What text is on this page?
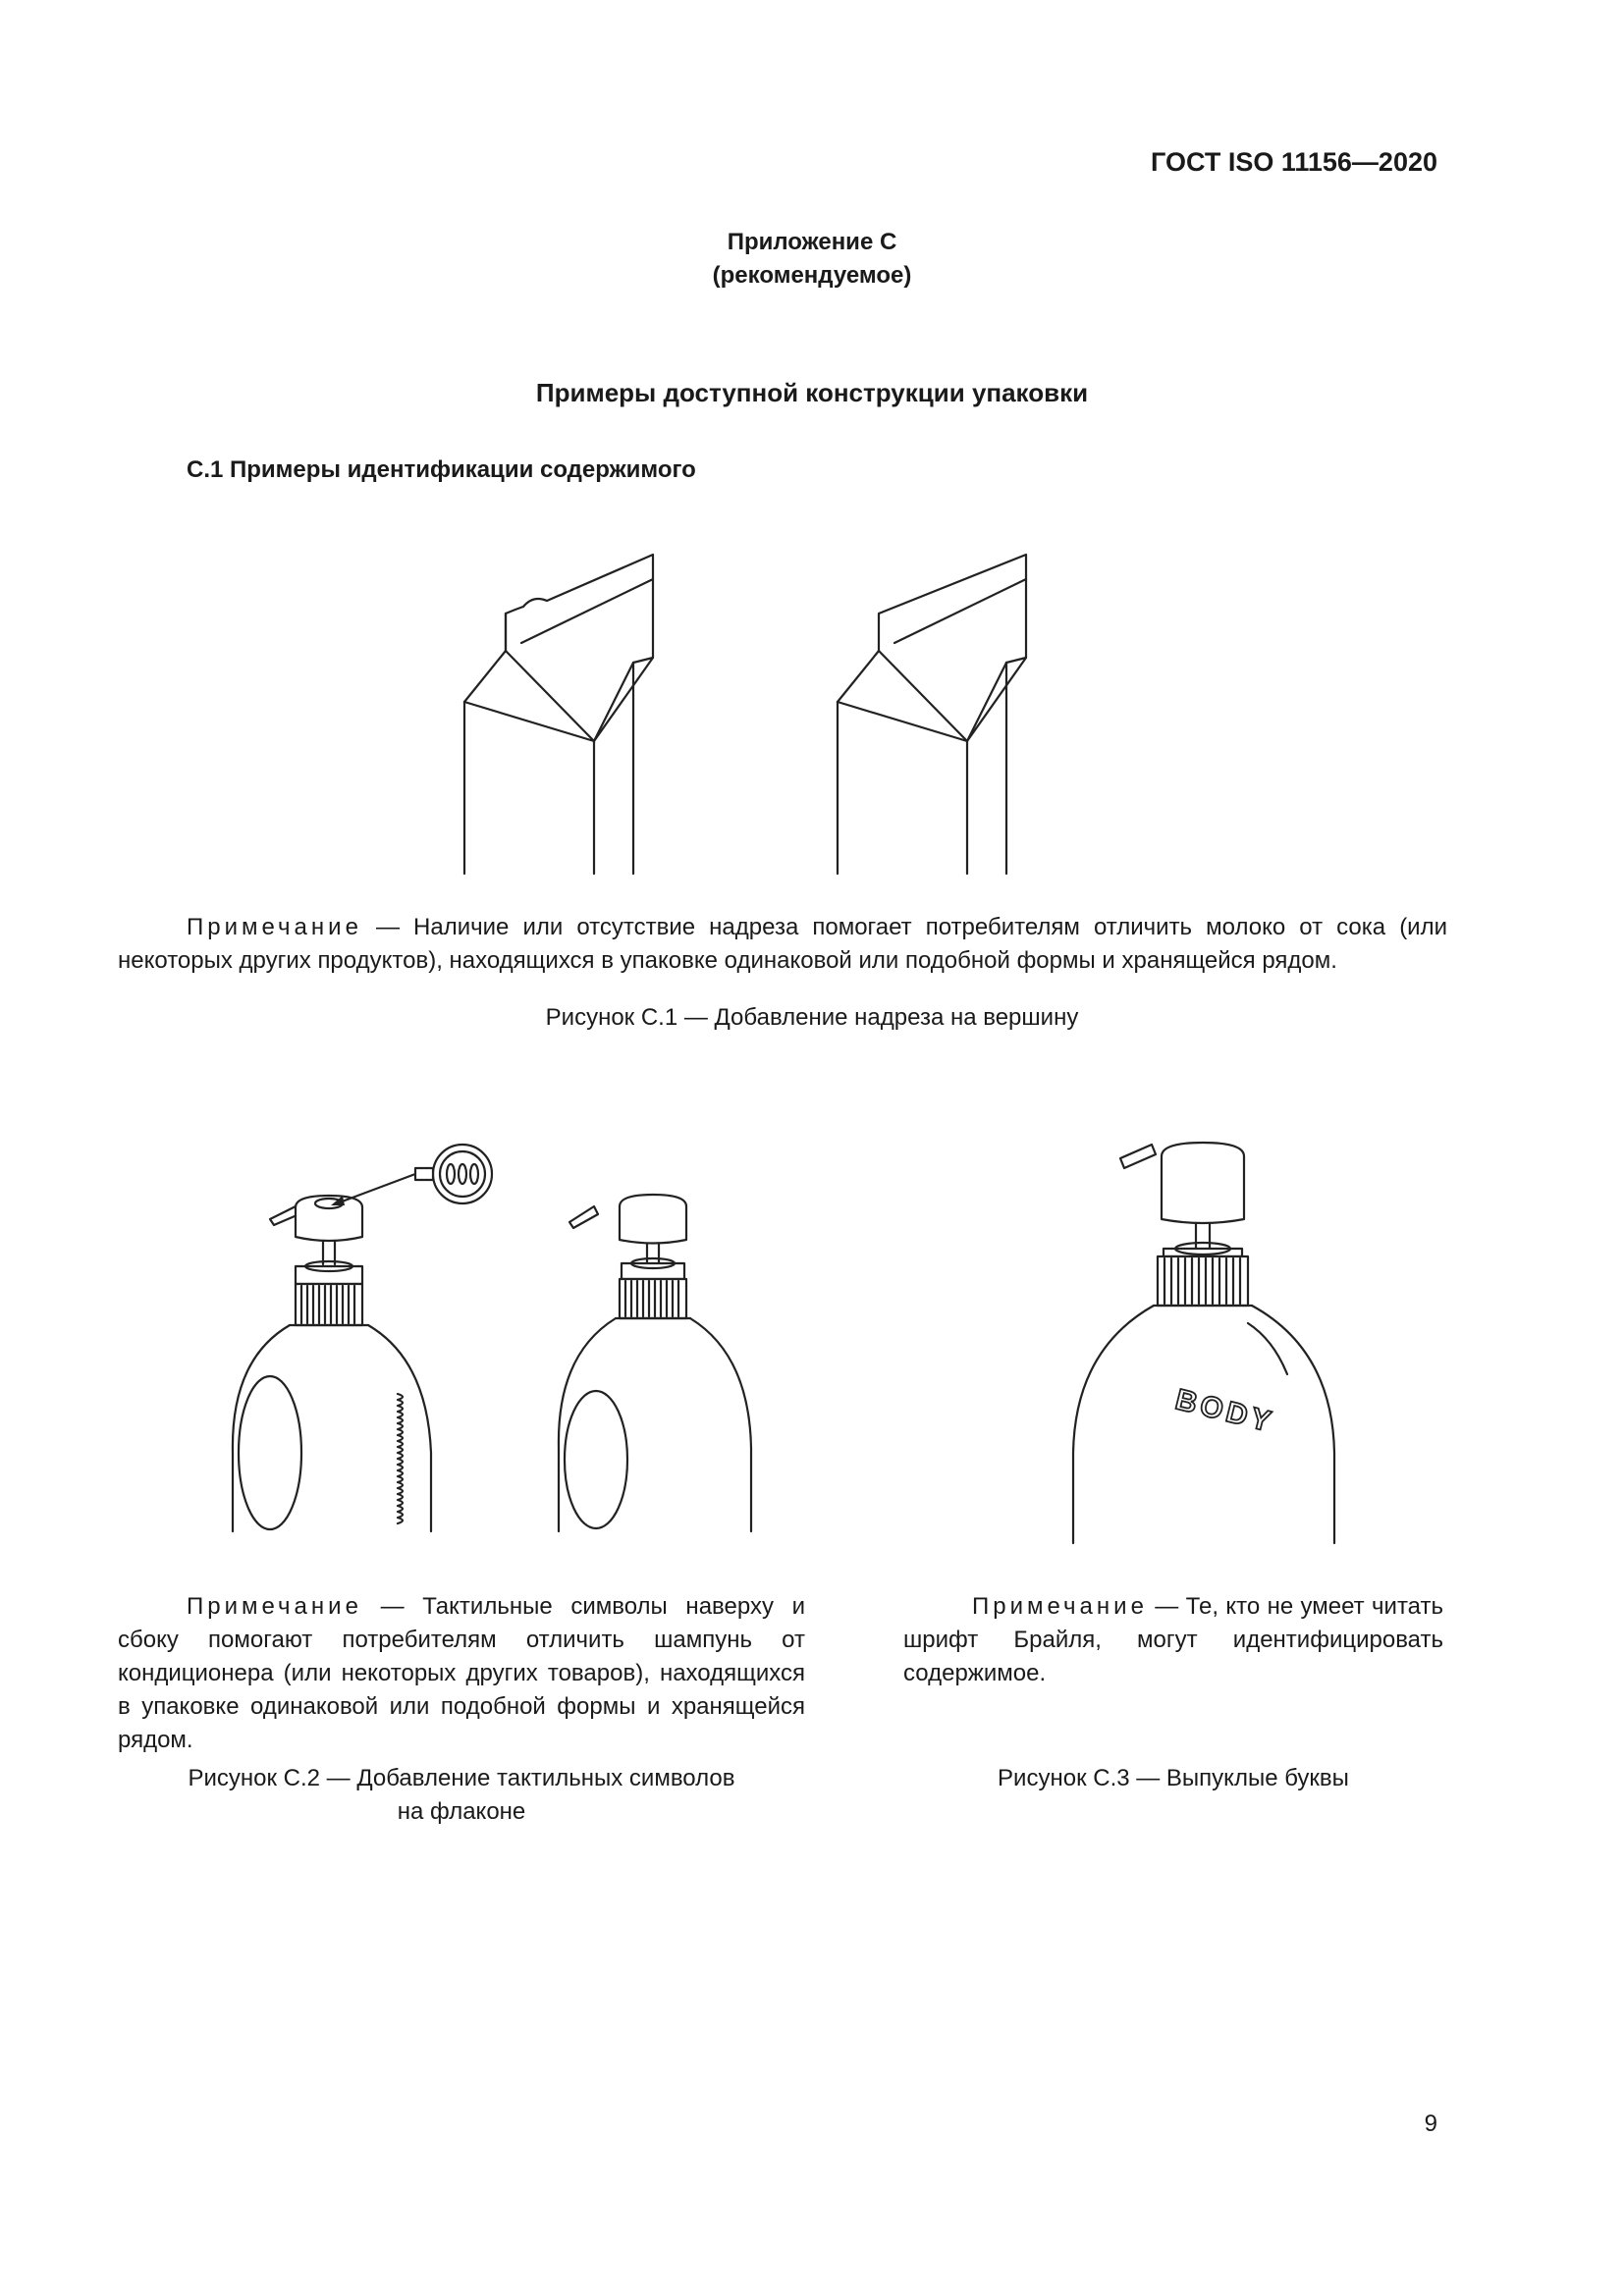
ГОСТ ISO 11156—2020
Приложение С
(рекомендуемое)
Примеры доступной конструкции упаковки
С.1 Примеры идентификации содержимого
Примечание — Наличие или отсутствие надреза помогает потребителям отличить молоко от сока (или некоторых других продуктов), находящихся в упаковке одинаковой или подобной формы и хранящейся рядом.
Рисунок С.1 — Добавление надреза на вершину
BODY
Примечание — Тактильные символы наверху и сбоку помогают потребителям отличить шампунь от кондиционера (или некоторых других товаров), находящихся в упаковке одинаковой или подобной формы и хранящейся рядом.
Рисунок С.2 — Добавление тактильных символов
на флаконе
Примечание — Те, кто не умеет читать шрифт Брайля, могут идентифицировать содержимое.
Рисунок С.3 — Выпуклые буквы
9
